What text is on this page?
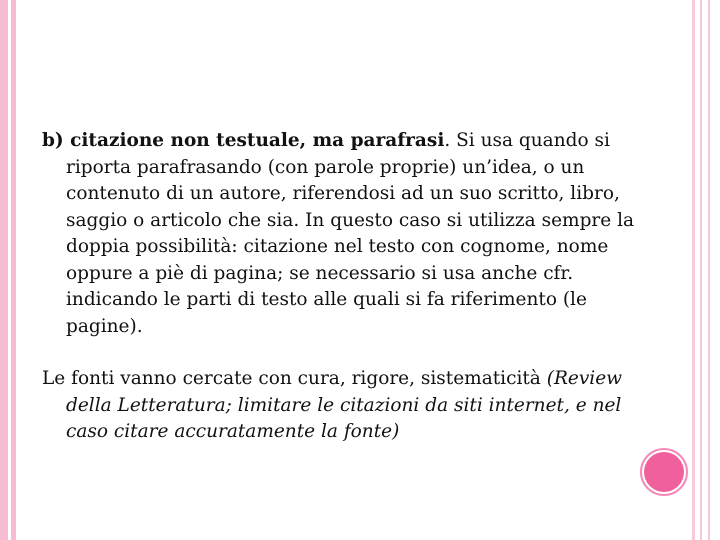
b) citazione non testuale, ma parafrasi. Si usa quando si riporta parafrasando (con parole proprie) un’idea, o un contenuto di un autore, riferendosi ad un suo scritto, libro, saggio o articolo che sia. In questo caso si utilizza sempre la doppia possibilità: citazione nel testo con cognome, nome oppure a piè di pagina; se necessario si usa anche cfr. indicando le parti di testo alle quali si fa riferimento (le pagine).

Le fonti vanno cercate con cura, rigore, sistematicità (Review della Letteratura; limitare le citazioni da siti internet, e nel caso citare accuratamente la fonte)
